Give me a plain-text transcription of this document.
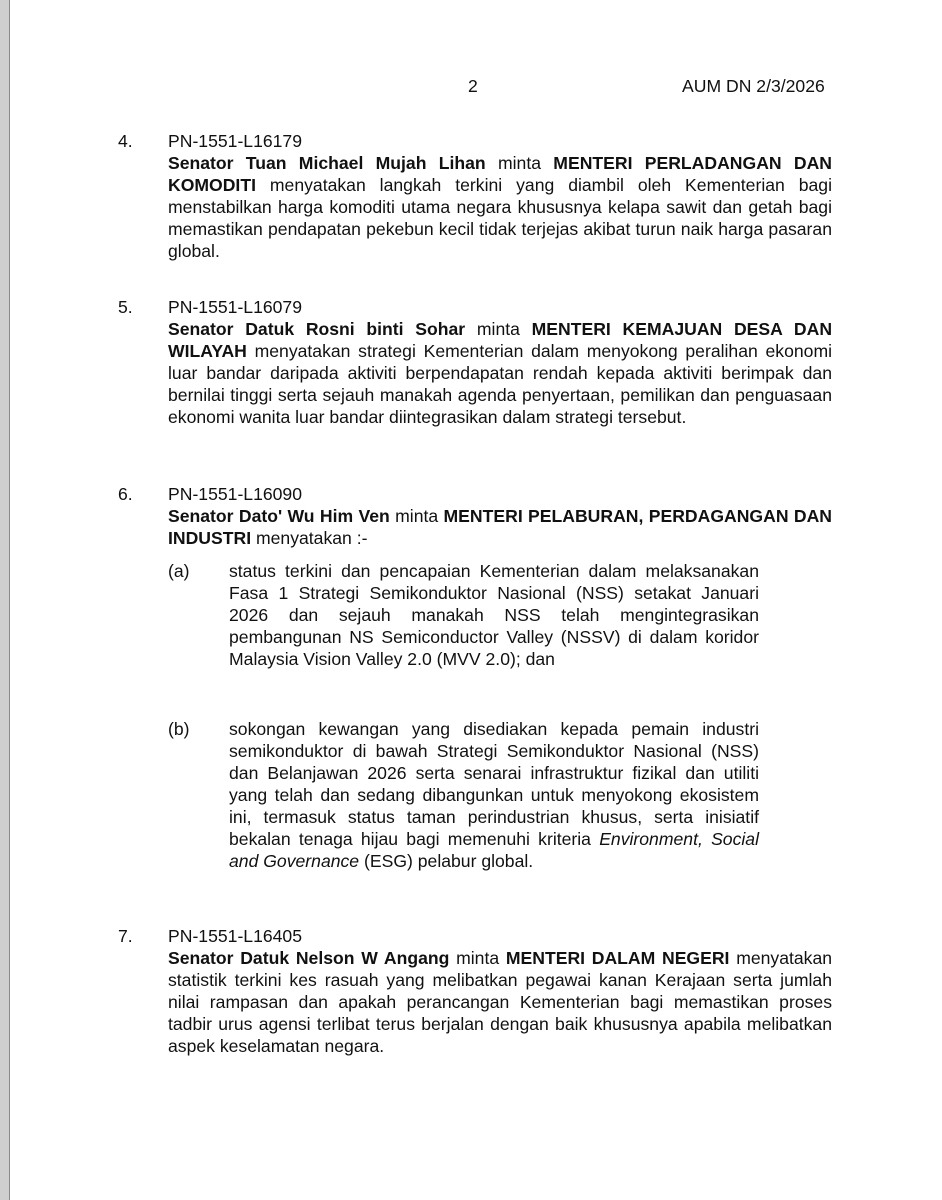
2	AUM DN 2/3/2026
4. PN-1551-L16179
Senator Tuan Michael Mujah Lihan minta MENTERI PERLADANGAN DAN KOMODITI menyatakan langkah terkini yang diambil oleh Kementerian bagi menstabilkan harga komoditi utama negara khususnya kelapa sawit dan getah bagi memastikan pendapatan pekebun kecil tidak terjejas akibat turun naik harga pasaran global.
5. PN-1551-L16079
Senator Datuk Rosni binti Sohar minta MENTERI KEMAJUAN DESA DAN WILAYAH menyatakan strategi Kementerian dalam menyokong peralihan ekonomi luar bandar daripada aktiviti berpendapatan rendah kepada aktiviti berimpak dan bernilai tinggi serta sejauh manakah agenda penyertaan, pemilikan dan penguasaan ekonomi wanita luar bandar diintegrasikan dalam strategi tersebut.
6. PN-1551-L16090
Senator Dato' Wu Him Ven minta MENTERI PELABURAN, PERDAGANGAN DAN INDUSTRI menyatakan :-
(a) status terkini dan pencapaian Kementerian dalam melaksanakan Fasa 1 Strategi Semikonduktor Nasional (NSS) setakat Januari 2026 dan sejauh manakah NSS telah mengintegrasikan pembangunan NS Semiconductor Valley (NSSV) di dalam koridor Malaysia Vision Valley 2.0 (MVV 2.0); dan
(b) sokongan kewangan yang disediakan kepada pemain industri semikonduktor di bawah Strategi Semikonduktor Nasional (NSS) dan Belanjawan 2026 serta senarai infrastruktur fizikal dan utiliti yang telah dan sedang dibangunkan untuk menyokong ekosistem ini, termasuk status taman perindustrian khusus, serta inisiatif bekalan tenaga hijau bagi memenuhi kriteria Environment, Social and Governance (ESG) pelabur global.
7. PN-1551-L16405
Senator Datuk Nelson W Angang minta MENTERI DALAM NEGERI menyatakan statistik terkini kes rasuah yang melibatkan pegawai kanan Kerajaan serta jumlah nilai rampasan dan apakah perancangan Kementerian bagi memastikan proses tadbir urus agensi terlibat terus berjalan dengan baik khususnya apabila melibatkan aspek keselamatan negara.
